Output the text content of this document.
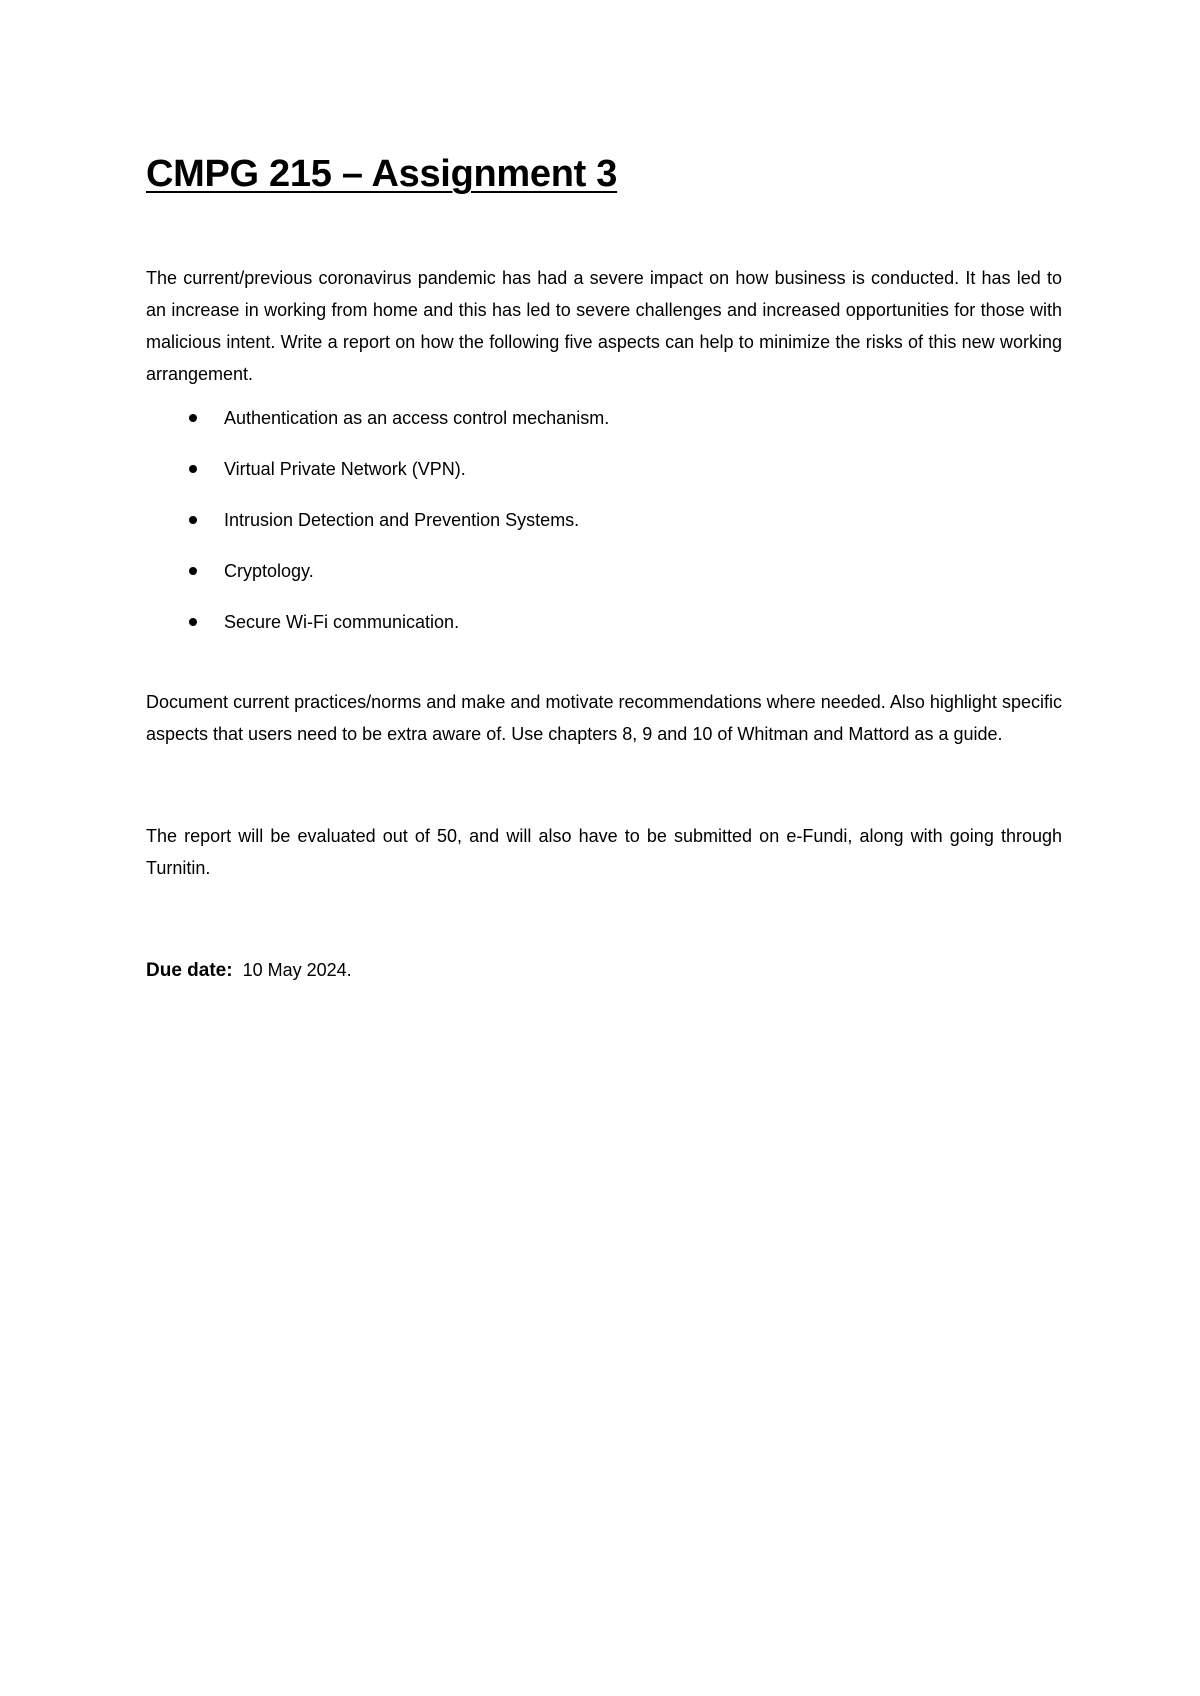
CMPG 215 – Assignment 3

The current/previous coronavirus pandemic has had a severe impact on how business is conducted. It has led to an increase in working from home and this has led to severe challenges and increased opportunities for those with malicious intent. Write a report on how the following five aspects can help to minimize the risks of this new working arrangement.

Authentication as an access control mechanism.
Virtual Private Network (VPN).
Intrusion Detection and Prevention Systems.
Cryptology.
Secure Wi-Fi communication.

Document current practices/norms and make and motivate recommendations where needed. Also highlight specific aspects that users need to be extra aware of. Use chapters 8, 9 and 10 of Whitman and Mattord as a guide.

The report will be evaluated out of 50, and will also have to be submitted on e-Fundi, along with going through Turnitin.

Due date: 10 May 2024.
